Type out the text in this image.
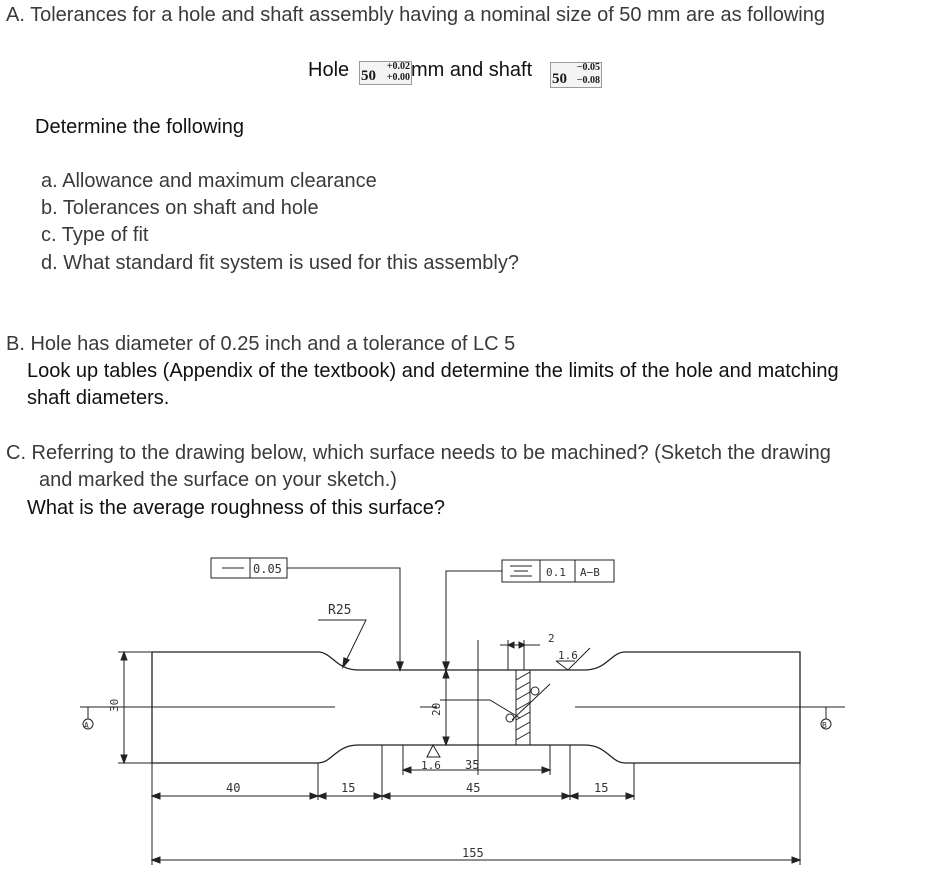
A. Tolerances for a hole and shaft assembly having a nominal size of 50 mm are as following
Hole 50
+0.02
+0.00 mm and shaft 50
−0.05
−0.08
Determine the following
a. Allowance and maximum clearance
b. Tolerances on shaft and hole
c. Type of fit
d. What standard fit system is used for this assembly?
B. Hole has diameter of 0.25 inch and a tolerance of LC 5
Look up tables (Appendix of the textbook) and determine the limits of the hole and matching
shaft diameters.
C. Referring to the drawing below, which surface needs to be machined? (Sketch the drawing
and marked the surface on your sketch.)
What is the average roughness of this surface?
0.05	0.1 A−B
R25
30	20
40	15
35
45	15
155
1.6
2
1.6
A	B
